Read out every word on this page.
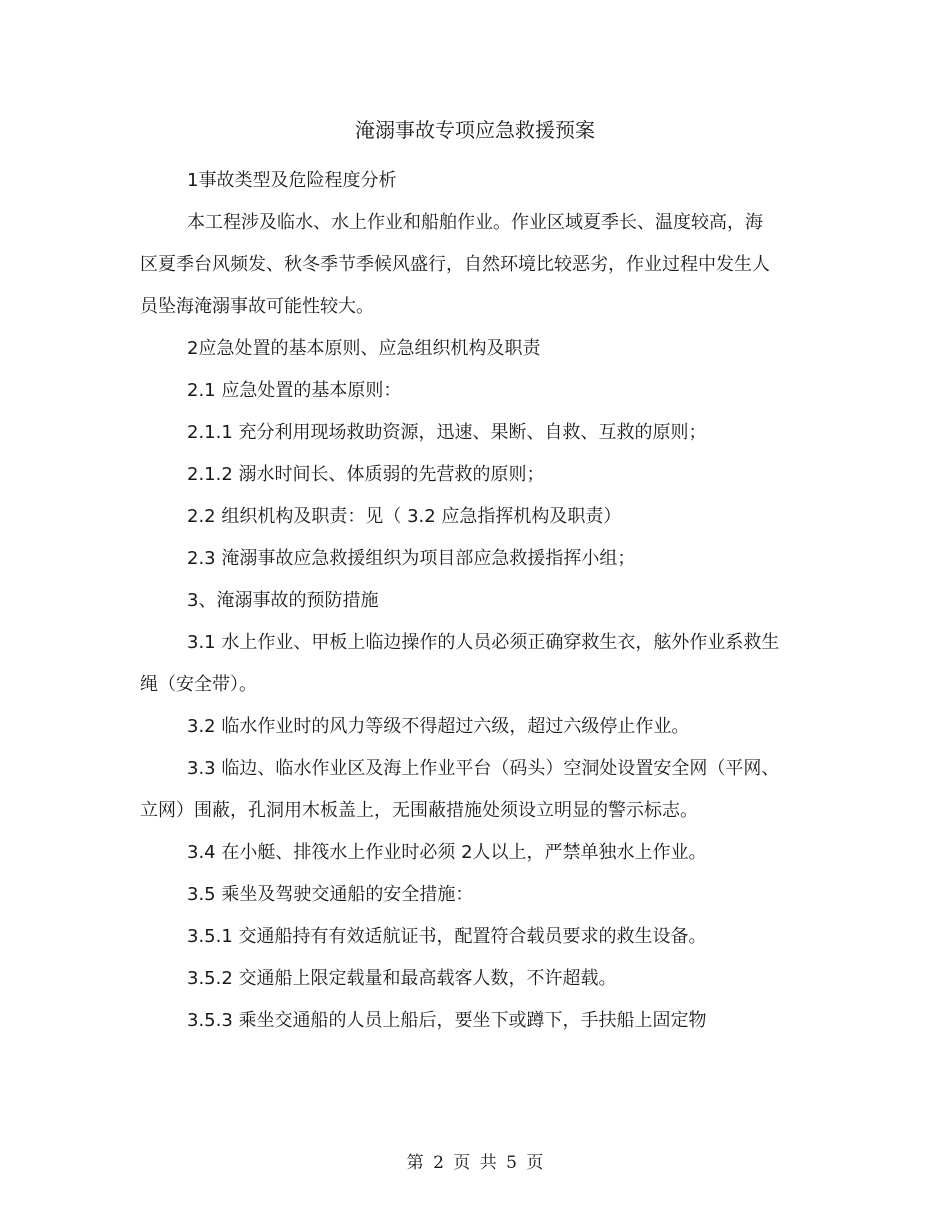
淹溺事故专项应急救援预案

1事故类型及危险程度分析

本工程涉及临水、水上作业和船舶作业。作业区域夏季长、温度较高，海区夏季台风频发、秋冬季节季候风盛行，自然环境比较恶劣，作业过程中发生人员坠海淹溺事故可能性较大。

2应急处置的基本原则、应急组织机构及职责

2.1 应急处置的基本原则：

2.1.1 充分利用现场救助资源，迅速、果断、自救、互救的原则；

2.1.2 溺水时间长、体质弱的先营救的原则；

2.2 组织机构及职责：见（ 3.2 应急指挥机构及职责）

2.3 淹溺事故应急救援组织为项目部应急救援指挥小组；

3、淹溺事故的预防措施

3.1 水上作业、甲板上临边操作的人员必须正确穿救生衣，舷外作业系救生绳（安全带）。

3.2 临水作业时的风力等级不得超过六级，超过六级停止作业。

3.3 临边、临水作业区及海上作业平台（码头）空洞处设置安全网（平网、立网）围蔽，孔洞用木板盖上，无围蔽措施处须设立明显的警示标志。

3.4 在小艇、排筏水上作业时必须 2人以上，严禁单独水上作业。

3.5 乘坐及驾驶交通船的安全措施：

3.5.1 交通船持有有效适航证书，配置符合载员要求的救生设备。

3.5.2 交通船上限定载量和最高载客人数，不许超载。

3.5.3 乘坐交通船的人员上船后，要坐下或蹲下，手扶船上固定物

第 2 页 共 5 页
